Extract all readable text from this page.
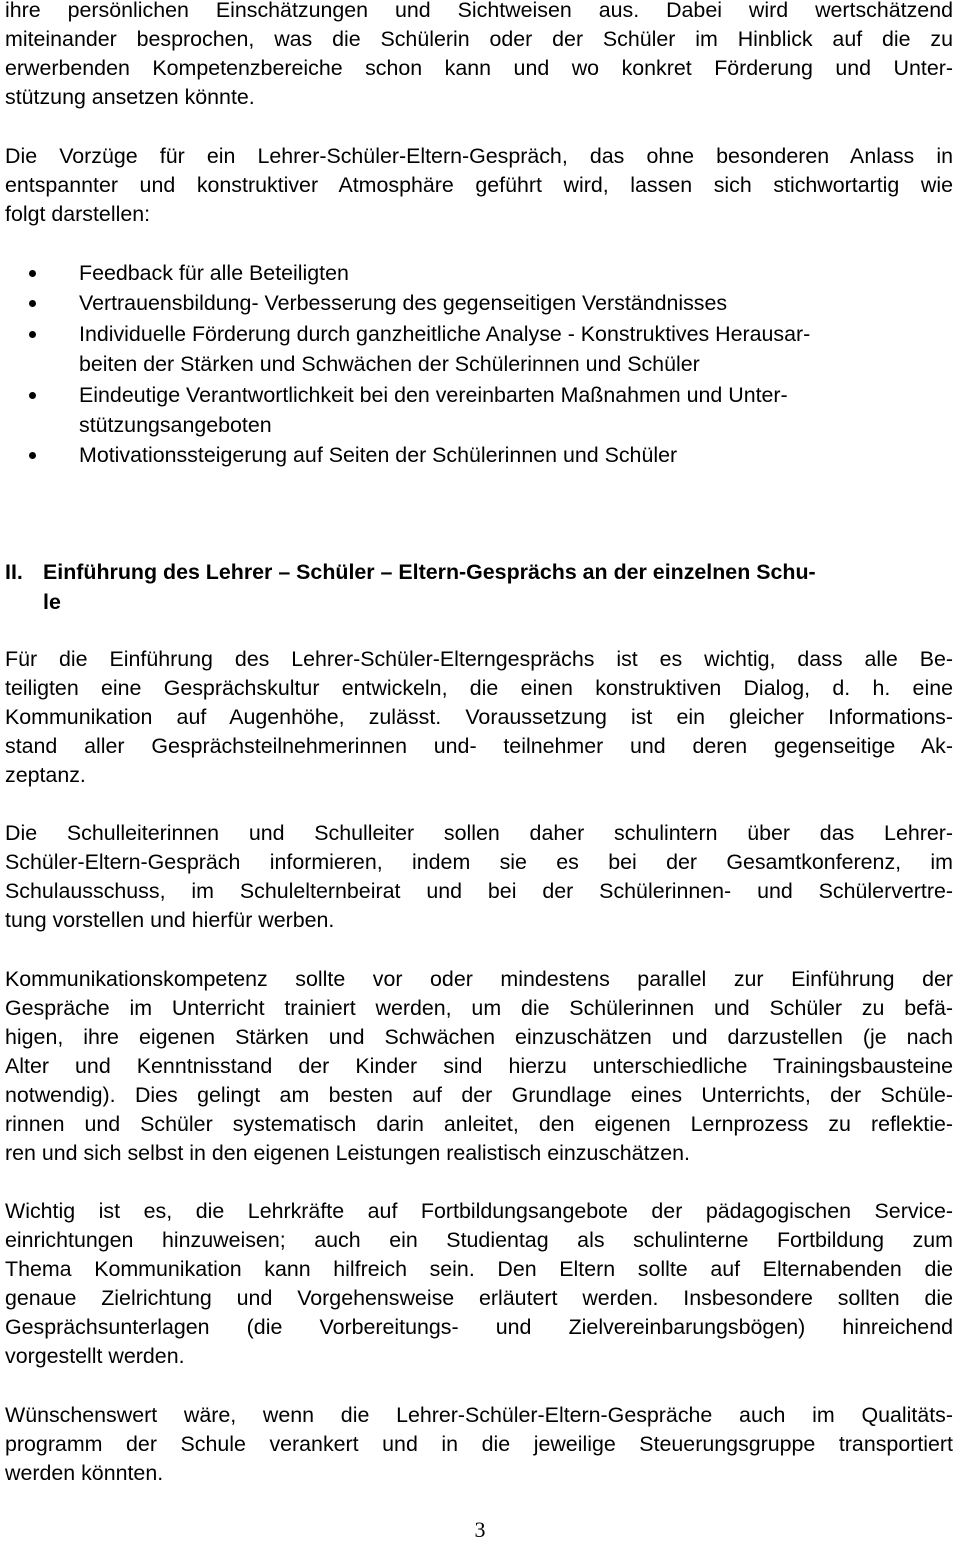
ihre persönlichen Einschätzungen und Sichtweisen aus. Dabei wird wertschätzend
miteinander besprochen, was die Schülerin oder der Schüler im Hinblick auf die zu
erwerbenden Kompetenzbereiche schon kann und wo konkret Förderung und Unter-
stützung ansetzen könnte.
Die Vorzüge für ein Lehrer-Schüler-Eltern-Gespräch, das ohne besonderen Anlass in
entspannter und konstruktiver Atmosphäre geführt wird, lassen sich stichwortartig wie
folgt darstellen:
Feedback für alle Beteiligten
Vertrauensbildung- Verbesserung des gegenseitigen Verständnisses
Individuelle Förderung durch ganzheitliche Analyse - Konstruktives Herausar-
beiten der Stärken und Schwächen der Schülerinnen und Schüler
Eindeutige Verantwortlichkeit bei den vereinbarten Maßnahmen und Unter-
stützungsangeboten
Motivationssteigerung auf Seiten der Schülerinnen und Schüler
II. Einführung des Lehrer – Schüler – Eltern-Gesprächs an der einzelnen Schu-
le
Für die Einführung des Lehrer-Schüler-Elterngesprächs ist es wichtig, dass alle Be-
teiligten eine Gesprächskultur entwickeln, die einen konstruktiven Dialog, d. h. eine
Kommunikation auf Augenhöhe, zulässt. Voraussetzung ist ein gleicher Informations-
stand aller Gesprächsteilnehmerinnen und- teilnehmer und deren gegenseitige Ak-
zeptanz.
Die Schulleiterinnen und Schulleiter sollen daher schulintern über das Lehrer-
Schüler-Eltern-Gespräch informieren, indem sie es bei der Gesamtkonferenz, im
Schulausschuss, im Schulelternbeirat und bei der Schülerinnen- und Schülervertre-
tung vorstellen und hierfür werben.
Kommunikationskompetenz sollte vor oder mindestens parallel zur Einführung der
Gespräche im Unterricht trainiert werden, um die Schülerinnen und Schüler zu befä-
higen, ihre eigenen Stärken und Schwächen einzuschätzen und darzustellen (je nach
Alter und Kenntnisstand der Kinder sind hierzu unterschiedliche Trainingsbausteine
notwendig). Dies gelingt am besten auf der Grundlage eines Unterrichts, der Schüle-
rinnen und Schüler systematisch darin anleitet, den eigenen Lernprozess zu reflektie-
ren und sich selbst in den eigenen Leistungen realistisch einzuschätzen.
Wichtig ist es, die Lehrkräfte auf Fortbildungsangebote der pädagogischen Service-
einrichtungen hinzuweisen; auch ein Studientag als schulinterne Fortbildung zum
Thema Kommunikation kann hilfreich sein. Den Eltern sollte auf Elternabenden die
genaue Zielrichtung und Vorgehensweise erläutert werden. Insbesondere sollten die
Gesprächsunterlagen (die Vorbereitungs- und Zielvereinbarungsbögen) hinreichend
vorgestellt werden.
Wünschenswert wäre, wenn die Lehrer-Schüler-Eltern-Gespräche auch im Qualitäts-
programm der Schule verankert und in die jeweilige Steuerungsgruppe transportiert
werden könnten.
3
